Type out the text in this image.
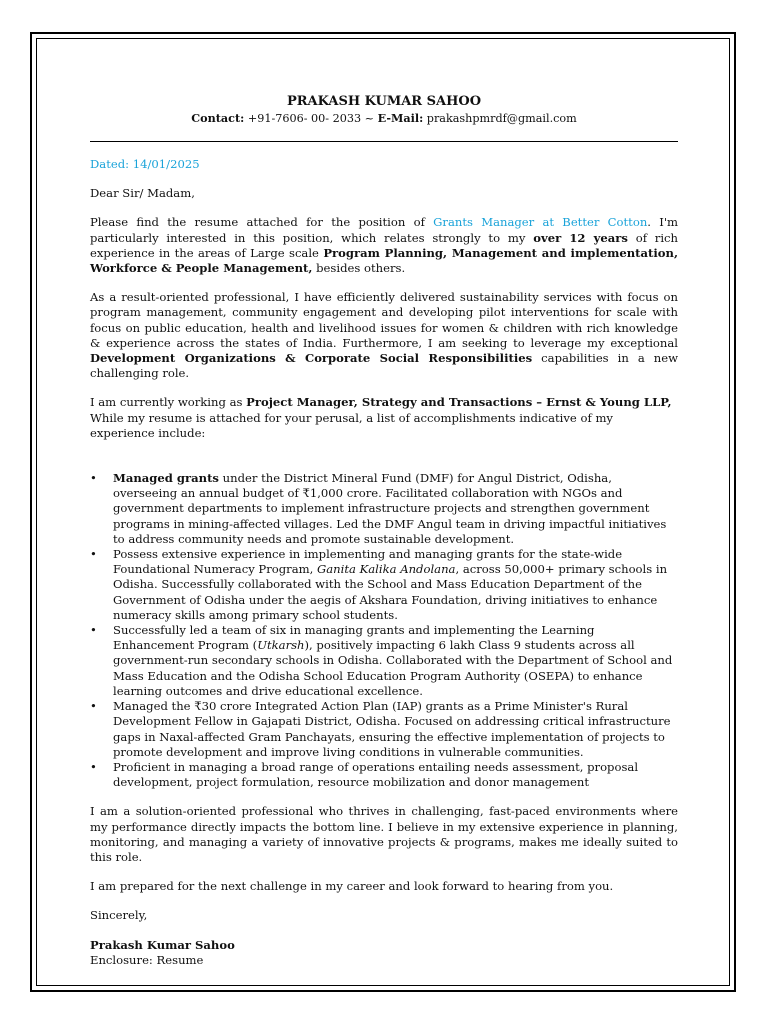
PRAKASH KUMAR SAHOO
Contact: +91-7606- 00- 2033 ~ E-Mail: prakashpmrdf@gmail.com

Dated: 14/01/2025

Dear Sir/ Madam,

Please find the resume attached for the position of Grants Manager at Better Cotton. I'm particularly interested in this position, which relates strongly to my over 12 years of rich experience in the areas of Large scale Program Planning, Management and implementation, Workforce & People Management, besides others.

As a result-oriented professional, I have efficiently delivered sustainability services with focus on program management, community engagement and developing pilot interventions for scale with focus on public education, health and livelihood issues for women & children with rich knowledge & experience across the states of India. Furthermore, I am seeking to leverage my exceptional Development Organizations & Corporate Social Responsibilities capabilities in a new challenging role.

I am currently working as Project Manager, Strategy and Transactions – Ernst & Young LLP,
While my resume is attached for your perusal, a list of accomplishments indicative of my experience include:

• Managed grants under the District Mineral Fund (DMF) for Angul District, Odisha, overseeing an annual budget of ₹1,000 crore. Facilitated collaboration with NGOs and government departments to implement infrastructure projects and strengthen government programs in mining-affected villages. Led the DMF Angul team in driving impactful initiatives to address community needs and promote sustainable development.
• Possess extensive experience in implementing and managing grants for the state-wide Foundational Numeracy Program, Ganita Kalika Andolana, across 50,000+ primary schools in Odisha. Successfully collaborated with the School and Mass Education Department of the Government of Odisha under the aegis of Akshara Foundation, driving initiatives to enhance numeracy skills among primary school students.
• Successfully led a team of six in managing grants and implementing the Learning Enhancement Program (Utkarsh), positively impacting 6 lakh Class 9 students across all government-run secondary schools in Odisha. Collaborated with the Department of School and Mass Education and the Odisha School Education Program Authority (OSEPA) to enhance learning outcomes and drive educational excellence.
• Managed the ₹30 crore Integrated Action Plan (IAP) grants as a Prime Minister's Rural Development Fellow in Gajapati District, Odisha. Focused on addressing critical infrastructure gaps in Naxal-affected Gram Panchayats, ensuring the effective implementation of projects to promote development and improve living conditions in vulnerable communities.
• Proficient in managing a broad range of operations entailing needs assessment, proposal development, project formulation, resource mobilization and donor management

I am a solution-oriented professional who thrives in challenging, fast-paced environments where my performance directly impacts the bottom line. I believe in my extensive experience in planning, monitoring, and managing a variety of innovative projects & programs, makes me ideally suited to this role.

I am prepared for the next challenge in my career and look forward to hearing from you.

Sincerely,

Prakash Kumar Sahoo

Enclosure: Resume
